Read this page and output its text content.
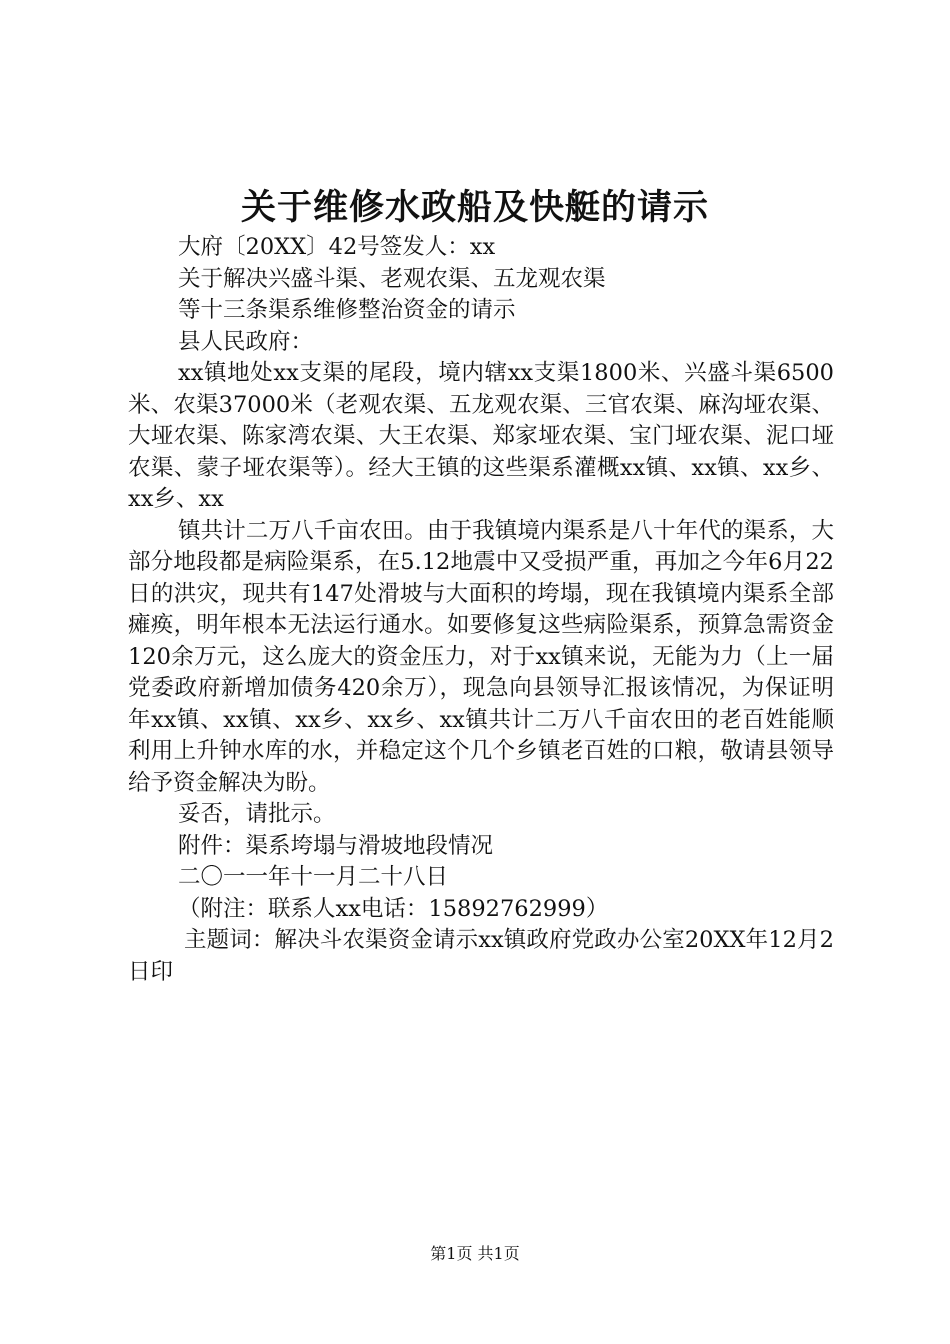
关于维修水政船及快艇的请示

大府〔20XX〕42号签发人：xx

关于解决兴盛斗渠、老观农渠、五龙观农渠

等十三条渠系维修整治资金的请示

县人民政府：

xx镇地处xx支渠的尾段，境内辖xx支渠1800米、兴盛斗渠6500米、农渠37000米（老观农渠、五龙观农渠、三官农渠、麻沟垭农渠、大垭农渠、陈家湾农渠、大王农渠、郑家垭农渠、宝门垭农渠、泥口垭农渠、蒙子垭农渠等）。经大王镇的这些渠系灌概xx镇、xx镇、xx乡、xx乡、xx

镇共计二万八千亩农田。由于我镇境内渠系是八十年代的渠系，大部分地段都是病险渠系，在5.12地震中又受损严重，再加之今年6月22日的洪灾，现共有147处滑坡与大面积的垮塌，现在我镇境内渠系全部瘫痪，明年根本无法运行通水。如要修复这些病险渠系，预算急需资金120余万元，这么庞大的资金压力，对于xx镇来说，无能为力（上一届党委政府新增加债务420余万），现急向县领导汇报该情况，为保证明年xx镇、xx镇、xx乡、xx乡、xx镇共计二万八千亩农田的老百姓能顺利用上升钟水库的水，并稳定这个几个乡镇老百姓的口粮，敬请县领导给予资金解决为盼。

妥否，请批示。

附件：渠系垮塌与滑坡地段情况

二〇一一年十一月二十八日

（附注：联系人xx电话：15892762999）

主题词：解决斗农渠资金请示xx镇政府党政办公室20XX年12月2日印

第1页 共1页
